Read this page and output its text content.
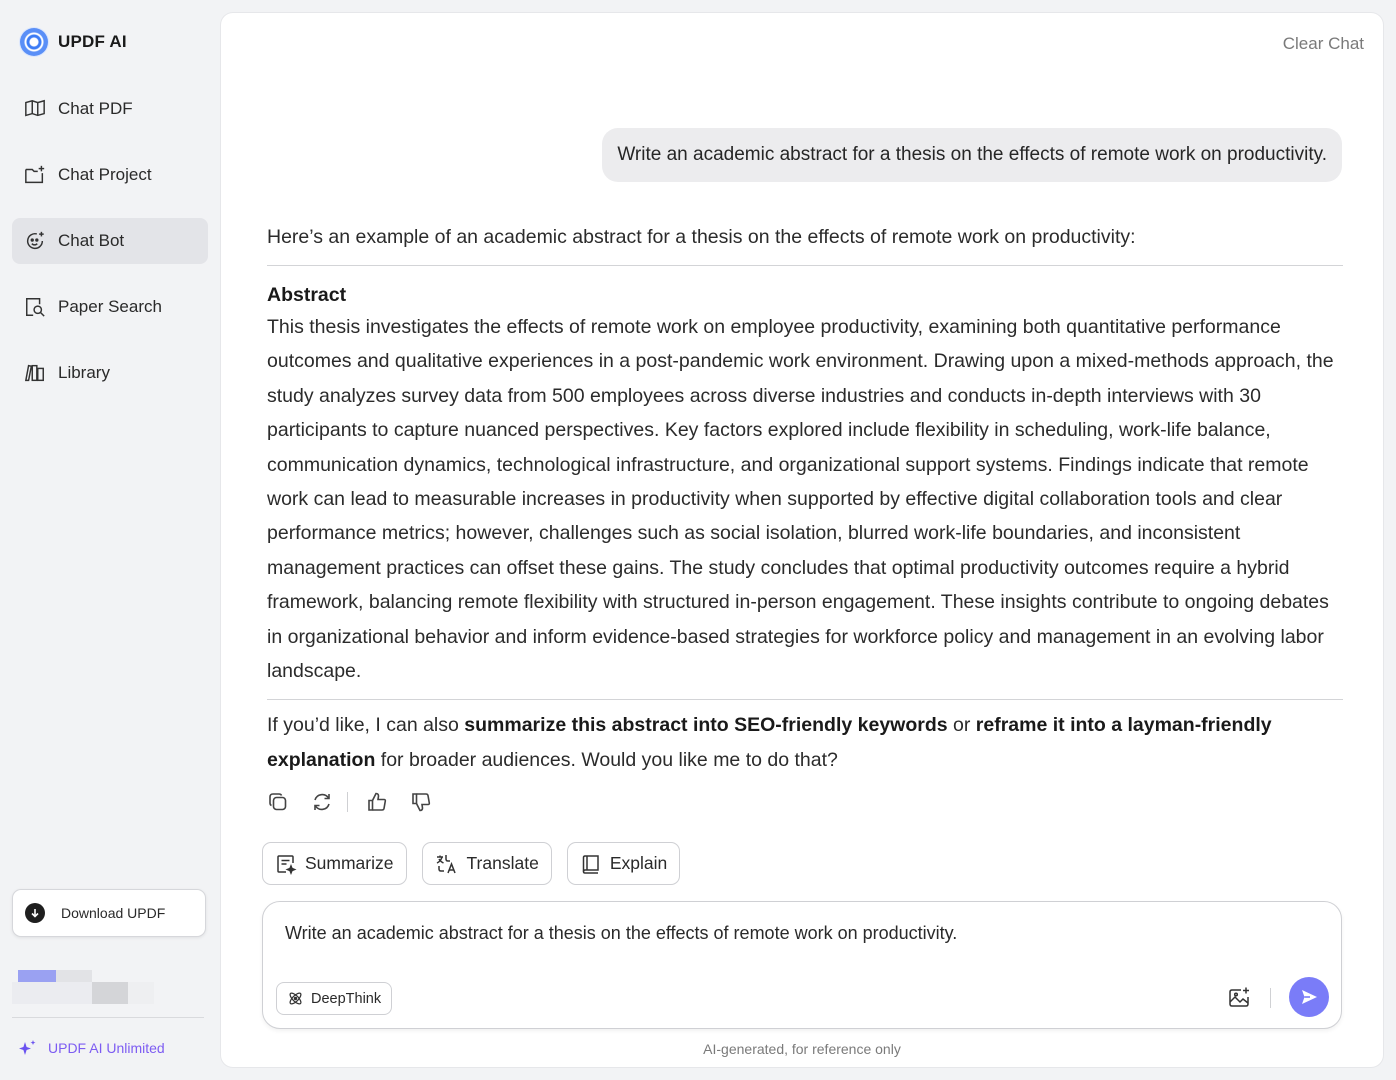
UPDF AI
Chat PDF
Chat Project
Chat Bot
Paper Search
Library
Download UPDF
UPDF AI Unlimited
Clear Chat
Write an academic abstract for a thesis on the effects of remote work on productivity.

Here’s an example of an academic abstract for a thesis on the effects of remote work on productivity:

Abstract

This thesis investigates the effects of remote work on employee productivity, examining both quantitative performance outcomes and qualitative experiences in a post-pandemic work environment. Drawing upon a mixed-methods approach, the study analyzes survey data from 500 employees across diverse industries and conducts in-depth interviews with 30 participants to capture nuanced perspectives. Key factors explored include flexibility in scheduling, work-life balance, communication dynamics, technological infrastructure, and organizational support systems. Findings indicate that remote work can lead to measurable increases in productivity when supported by effective digital collaboration tools and clear performance metrics; however, challenges such as social isolation, blurred work-life boundaries, and inconsistent management practices can offset these gains. The study concludes that optimal productivity outcomes require a hybrid framework, balancing remote flexibility with structured in-person engagement. These insights contribute to ongoing debates in organizational behavior and inform evidence-based strategies for workforce policy and management in an evolving labor landscape.

If you’d like, I can also summarize this abstract into SEO-friendly keywords or reframe it into a layman-friendly explanation for broader audiences. Would you like me to do that?

Summarize	Translate	Explain
Write an academic abstract for a thesis on the effects of remote work on productivity.
DeepThink
AI-generated, for reference only
